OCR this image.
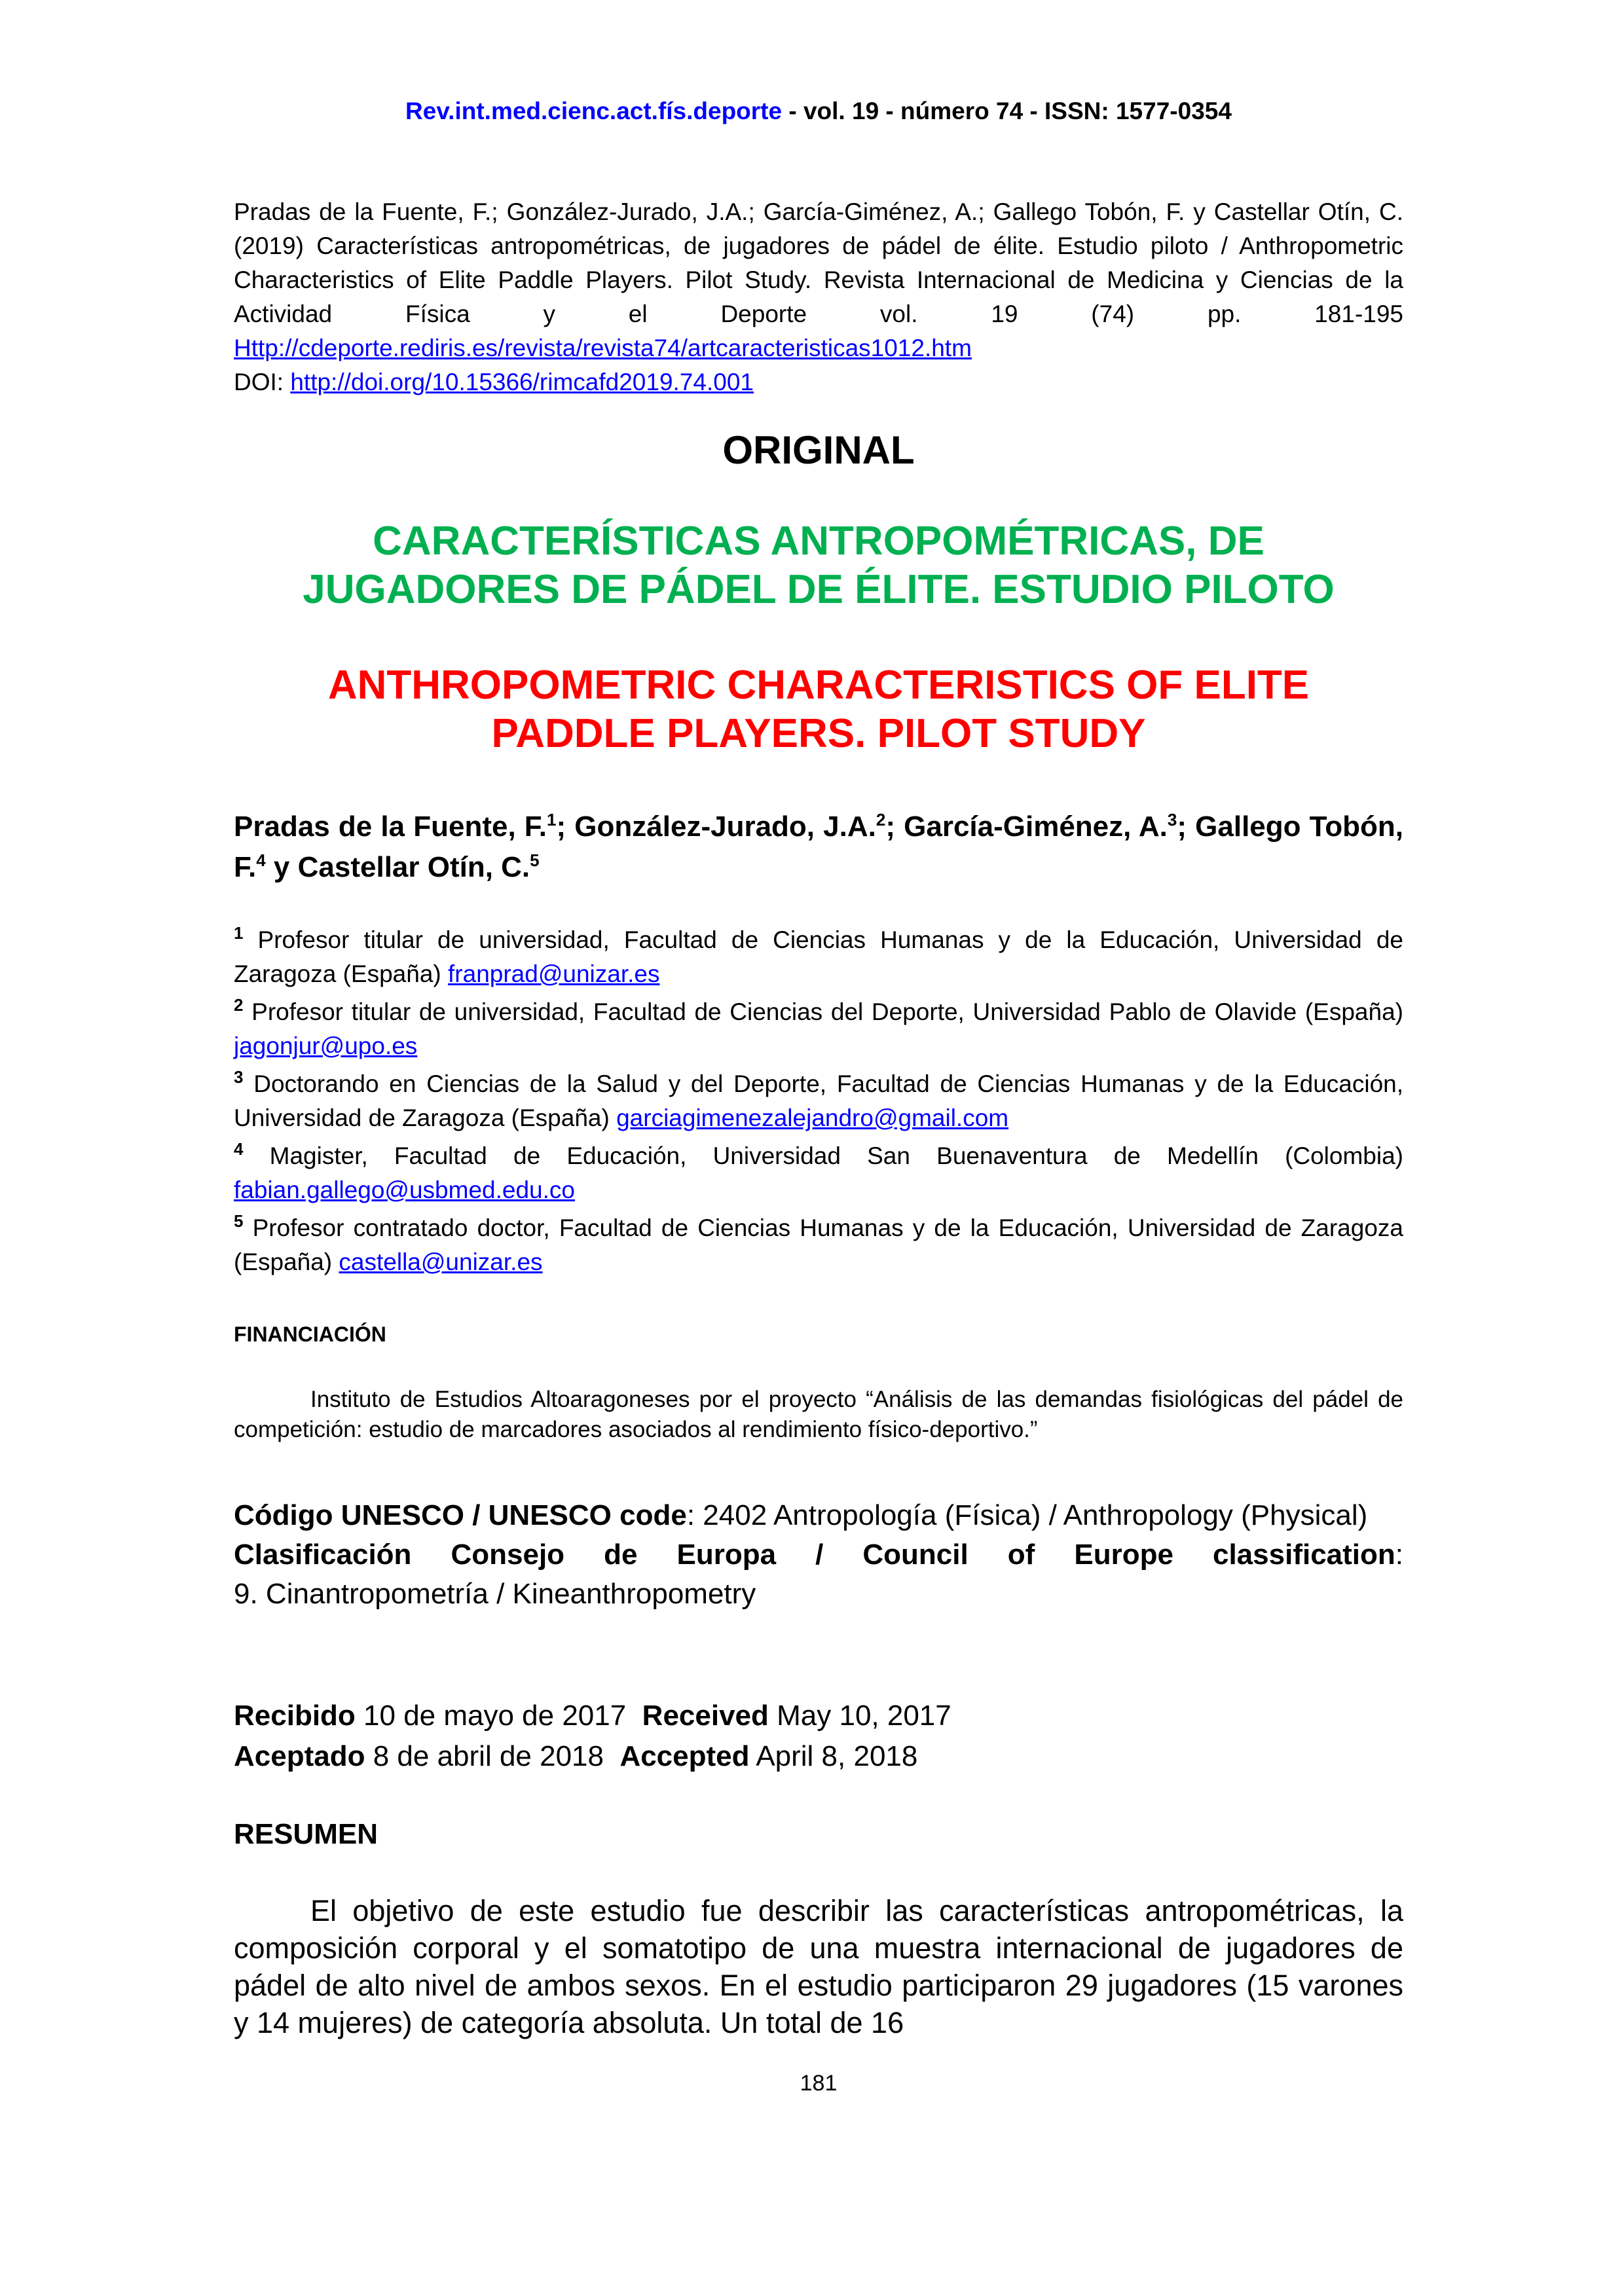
Rev.int.med.cienc.act.fís.deporte - vol. 19 - número 74 - ISSN: 1577-0354

Pradas de la Fuente, F.; González-Jurado, J.A.; García-Giménez, A.; Gallego Tobón, F. y Castellar Otín, C. (2019) Características antropométricas, de jugadores de pádel de élite. Estudio piloto / Anthropometric Characteristics of Elite Paddle Players. Pilot Study. Revista Internacional de Medicina y Ciencias de la Actividad Física y el Deporte vol. 19 (74) pp. 181-195 Http://cdeporte.rediris.es/revista/revista74/artcaracteristicas1012.htm

DOI: http://doi.org/10.15366/rimcafd2019.74.001

ORIGINAL
CARACTERÍSTICAS ANTROPOMÉTRICAS, DE
JUGADORES DE PÁDEL DE ÉLITE. ESTUDIO PILOTO
ANTHROPOMETRIC CHARACTERISTICS OF ELITE
PADDLE PLAYERS. PILOT STUDY
Pradas de la Fuente, F.$^1$; González-Jurado, J.A.$^2$; García-Giménez, A.$^3$; Gallego Tobón, F.$^4$ y Castellar Otín, C.$^5$

$^1$ Profesor titular de universidad, Facultad de Ciencias Humanas y de la Educación, Universidad de Zaragoza (España) franprad@unizar.es

$^2$ Profesor titular de universidad, Facultad de Ciencias del Deporte, Universidad Pablo de Olavide (España) jagonjur@upo.es

$^3$ Doctorando en Ciencias de la Salud y del Deporte, Facultad de Ciencias Humanas y de la Educación, Universidad de Zaragoza (España) garciagimenezalejandro@gmail.com

$^4$ Magister, Facultad de Educación, Universidad San Buenaventura de Medellín (Colombia) fabian.gallego@usbmed.edu.co

$^5$ Profesor contratado doctor, Facultad de Ciencias Humanas y de la Educación, Universidad de Zaragoza (España) castella@unizar.es

FINANCIACIÓN
Instituto de Estudios Altoaragoneses por el proyecto “Análisis de las demandas fisiológicas del pádel de competición: estudio de marcadores asociados al rendimiento físico-deportivo.”

Código UNESCO / UNESCO code: 2402 Antropología (Física) / Anthropology (Physical)

Clasificación Consejo de Europa / Council of Europe classification:

9. Cinantropometría / Kineanthropometry

Recibido 10 de mayo de 2017  Received May 10, 2017

Aceptado 8 de abril de 2018  Accepted April 8, 2018

RESUMEN
El objetivo de este estudio fue describir las características antropométricas, la composición corporal y el somatotipo de una muestra internacional de jugadores de pádel de alto nivel de ambos sexos. En el estudio participaron 29 jugadores (15 varones y 14 mujeres) de categoría absoluta. Un total de 16
181
